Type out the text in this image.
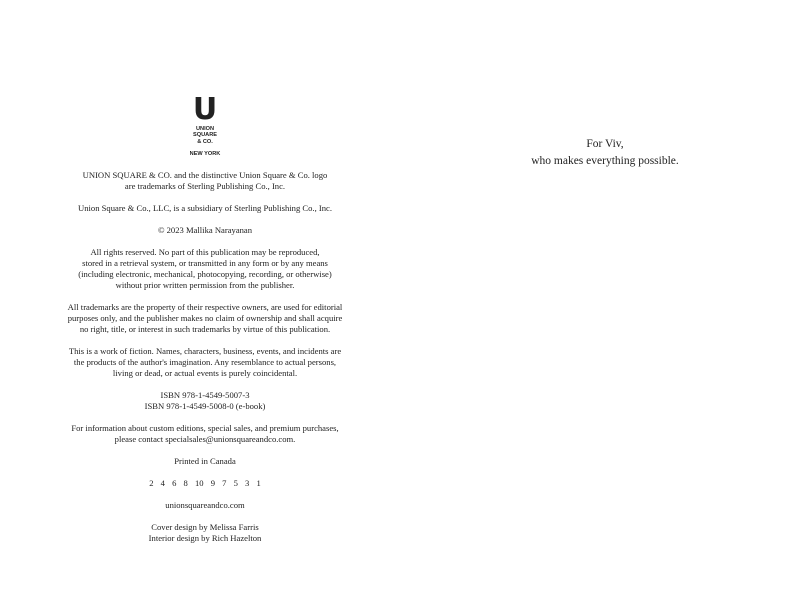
U
UNION
SQUARE
& CO.
NEW YORK
UNION SQUARE & CO. and the distinctive Union Square & Co. logo
are trademarks of Sterling Publishing Co., Inc.
Union Square & Co., LLC, is a subsidiary of Sterling Publishing Co., Inc.
© 2023 Mallika Narayanan
All rights reserved. No part of this publication may be reproduced,
stored in a retrieval system, or transmitted in any form or by any means
(including electronic, mechanical, photocopying, recording, or otherwise)
without prior written permission from the publisher.
All trademarks are the property of their respective owners, are used for editorial
purposes only, and the publisher makes no claim of ownership and shall acquire
no right, title, or interest in such trademarks by virtue of this publication.
This is a work of fiction. Names, characters, business, events, and incidents are
the products of the author's imagination. Any resemblance to actual persons,
living or dead, or actual events is purely coincidental.
ISBN 978-1-4549-5007-3
ISBN 978-1-4549-5008-0 (e-book)
For information about custom editions, special sales, and premium purchases,
please contact specialsales@unionsquareandco.com.
Printed in Canada
2 4 6 8 10 9 7 5 3 1
unionsquareandco.com
Cover design by Melissa Farris
Interior design by Rich Hazelton
For Viv,
who makes everything possible.
